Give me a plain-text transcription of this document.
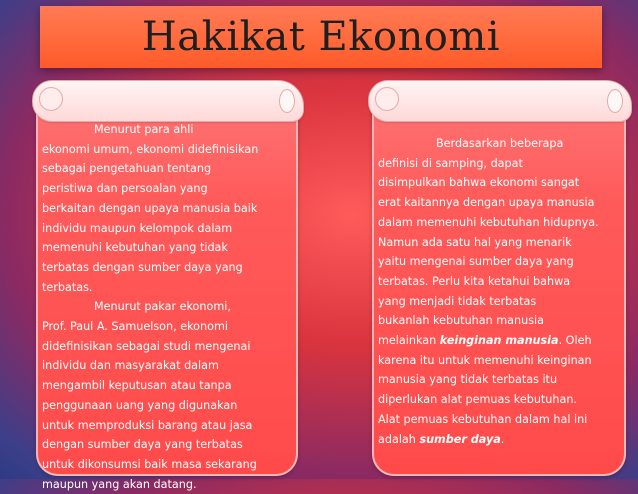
Hakikat Ekonomi
Menurut para ahli
ekonomi umum, ekonomi didefinisikan
sebagai pengetahuan tentang
peristiwa dan persoalan yang
berkaitan dengan upaya manusia baik
individu maupun kelompok dalam
memenuhi kebutuhan yang tidak
terbatas dengan sumber daya yang
terbatas.
Menurut pakar ekonomi,
Prof. Paul A. Samuelson, ekonomi
didefinisikan sebagai studi mengenai
individu dan masyarakat dalam
mengambil keputusan atau tanpa
penggunaan uang yang digunakan
untuk memproduksi barang atau jasa
dengan sumber daya yang terbatas
untuk dikonsumsi baik masa sekarang
maupun yang akan datang.
Berdasarkan beberapa
definisi di samping, dapat
disimpulkan bahwa ekonomi sangat
erat kaitannya dengan upaya manusia
dalam memenuhi kebutuhan hidupnya.
Namun ada satu hal yang menarik
yaitu mengenai sumber daya yang
terbatas. Perlu kita ketahui bahwa
yang menjadi tidak terbatas
bukanlah kebutuhan manusia
melainkan keinginan manusia. Oleh
karena itu untuk memenuhi keinginan
manusia yang tidak terbatas itu
diperlukan alat pemuas kebutuhan.
Alat pemuas kebutuhan dalam hal ini
adalah sumber daya.
